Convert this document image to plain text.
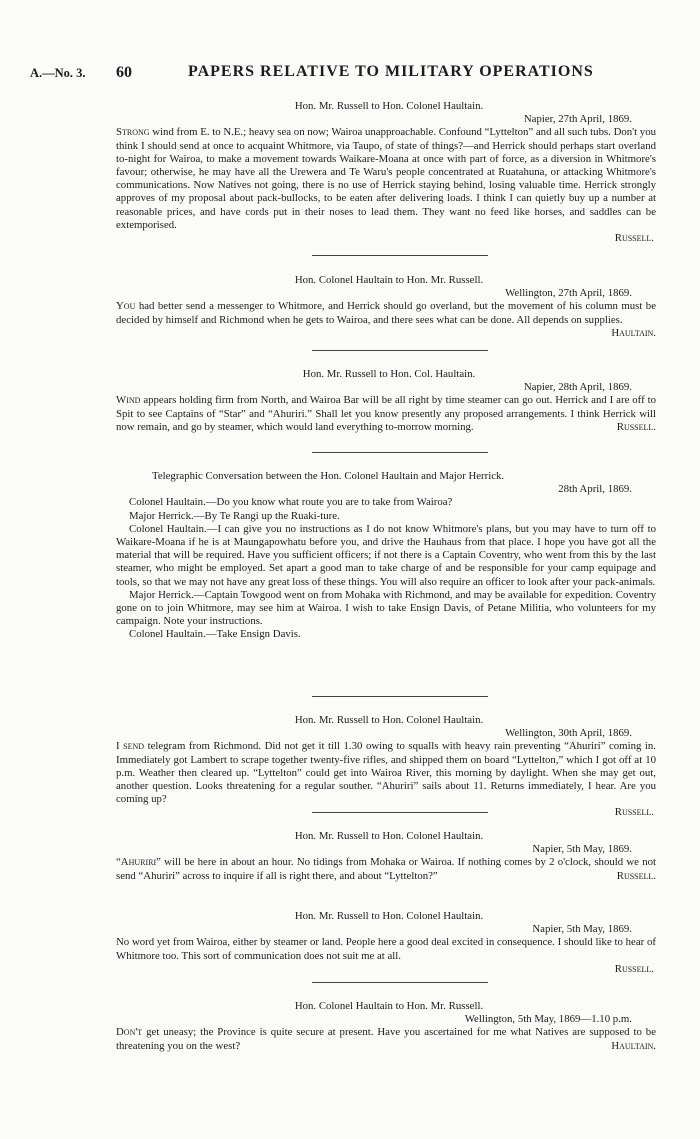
A.—No. 3. 60	PAPERS RELATIVE TO MILITARY OPERATIONS
Hon. Mr. Russell to Hon. Colonel Haultain.
Napier, 27th April, 1869.
Strong wind from E. to N.E.; heavy sea on now; Wairoa unapproachable. Confound “Lyttelton” and all such tubs. Don't you think I should send at once to acquaint Whitmore, via Taupo, of state of things?—and Herrick should perhaps start overland to-night for Wairoa, to make a movement towards Waikare-Moana at once with part of force, as a diversion in Whitmore's favour; otherwise, he may have all the Urewera and Te Waru's people concentrated at Ruatahuna, or attacking Whitmore's communications. Now Natives not going, there is no use of Herrick staying behind, losing valuable time. Herrick strongly approves of my proposal about pack-bullocks, to be eaten after delivering loads. I think I can quietly buy up a number at reasonable prices, and have cords put in their noses to lead them. They want no feed like horses, and saddles can be extemporised.
Russell.
Hon. Colonel Haultain to Hon. Mr. Russell.
Wellington, 27th April, 1869.
You had better send a messenger to Whitmore, and Herrick should go overland, but the movement of his column must be decided by himself and Richmond when he gets to Wairoa, and there sees what can be done. All depends on supplies.
Haultain.
Hon. Mr. Russell to Hon. Col. Haultain.
Napier, 28th April, 1869.
Wind appears holding firm from North, and Wairoa Bar will be all right by time steamer can go out. Herrick and I are off to Spit to see Captains of “Star” and “Ahuriri.” Shall let you know presently any proposed arrangements. I think Herrick will now remain, and go by steamer, which would land everything to-morrow morning.	Russell.
Telegraphic Conversation between the Hon. Colonel Haultain and Major Herrick.
28th April, 1869.
Colonel Haultain.—Do you know what route you are to take from Wairoa?
Major Herrick.—By Te Rangi up the Ruaki-ture.
Colonel Haultain.—I can give you no instructions as I do not know Whitmore's plans, but you may have to turn off to Waikare-Moana if he is at Maungapowhatu before you, and drive the Hauhaus from that place. I hope you have got all the material that will be required. Have you sufficient officers; if not there is a Captain Coventry, who went from this by the last steamer, who might be employed. Set apart a good man to take charge of and be responsible for your camp equipage and tools, so that we may not have any great loss of these things. You will also require an officer to look after your pack-animals.
Major Herrick.—Captain Towgood went on from Mohaka with Richmond, and may be available for expedition. Coventry gone on to join Whitmore, may see him at Wairoa. I wish to take Ensign Davis, of Petane Militia, who volunteers for my campaign. Note your instructions.
Colonel Haultain.—Take Ensign Davis.
Hon. Mr. Russell to Hon. Colonel Haultain.
Wellington, 30th April, 1869.
I send telegram from Richmond. Did not get it till 1.30 owing to squalls with heavy rain preventing “Ahuriri” coming in. Immediately got Lambert to scrape together twenty-five rifles, and shipped them on board “Lyttelton,” which I got off at 10 p.m. Weather then cleared up. “Lyttelton” could get into Wairoa River, this morning by daylight. When she may get out, another question. Looks threatening for a regular souther. “Ahuriri” sails about 11. Returns immediately, I hear. Are you coming up?
Russell.
Hon. Mr. Russell to Hon. Colonel Haultain.
Napier, 5th May, 1869.
“Ahuriri” will be here in about an hour. No tidings from Mohaka or Wairoa. If nothing comes by 2 o'clock, should we not send “Ahuriri” across to inquire if all is right there, and about “Lyttelton?”	Russell.
Hon. Mr. Russell to Hon. Colonel Haultain.
Napier, 5th May, 1869.
No word yet from Wairoa, either by steamer or land. People here a good deal excited in consequence. I should like to hear of Whitmore too. This sort of communication does not suit me at all.
Russell.
Hon. Colonel Haultain to Hon. Mr. Russell.
Wellington, 5th May, 1869—1.10 p.m.
Don't get uneasy; the Province is quite secure at present. Have you ascertained for me what Natives are supposed to be threatening you on the west?	Haultain.
